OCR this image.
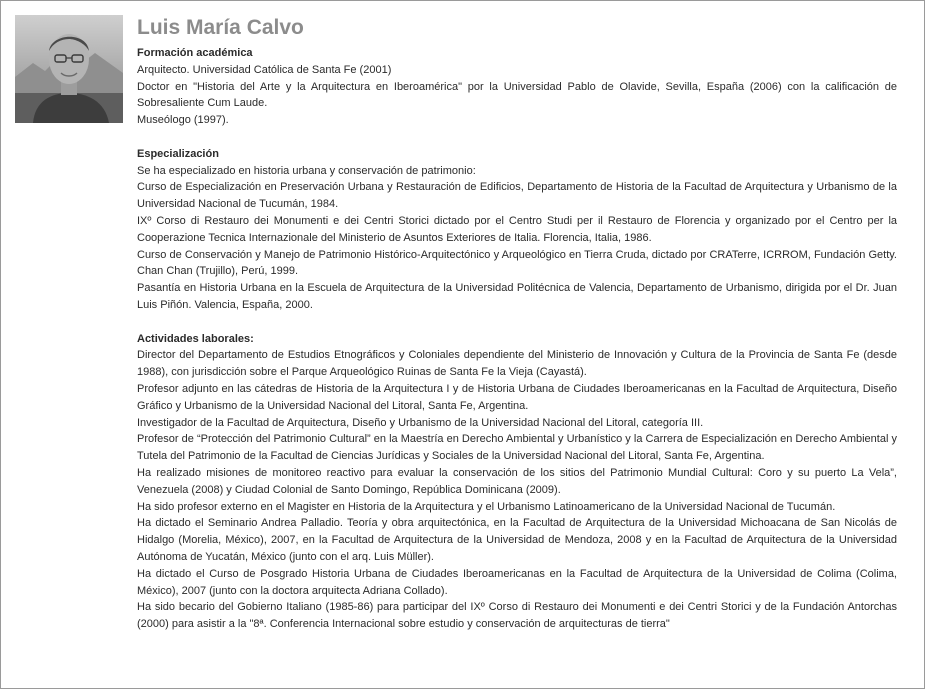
Luis María Calvo
Formación académica

Arquitecto. Universidad Católica de Santa Fe (2001)

Doctor en "Historia del Arte y la Arquitectura en Iberoamérica" por la Universidad Pablo de Olavide, Sevilla, España (2006) con la calificación de Sobresaliente Cum Laude.

Museólogo (1997).

Especialización

Se ha especializado en historia urbana y conservación de patrimonio:

Curso de Especialización en Preservación Urbana y Restauración de Edificios, Departamento de Historia de la Facultad de Arquitectura y Urbanismo de la Universidad Nacional de Tucumán, 1984.

IXº Corso di Restauro dei Monumenti e dei Centri Storici dictado por el Centro Studi per il Restauro de Florencia y organizado por el Centro per la Cooperazione Tecnica Internazionale del Ministerio de Asuntos Exteriores de Italia. Florencia, Italia, 1986.

Curso de Conservación y Manejo de Patrimonio Histórico-Arquitectónico y Arqueológico en Tierra Cruda, dictado por CRATerre, ICRROM, Fundación Getty. Chan Chan (Trujillo), Perú, 1999.

Pasantía en Historia Urbana en la Escuela de Arquitectura de la Universidad Politécnica de Valencia, Departamento de Urbanismo, dirigida por el Dr. Juan Luis Piñón. Valencia, España, 2000.

Actividades laborales:

Director del Departamento de Estudios Etnográficos y Coloniales dependiente del Ministerio de Innovación y Cultura de la Provincia de Santa Fe (desde 1988), con jurisdicción sobre el Parque Arqueológico Ruinas de Santa Fe la Vieja (Cayastá).

Profesor adjunto en las cátedras de Historia de la Arquitectura I y de Historia Urbana de Ciudades Iberoamericanas en la Facultad de Arquitectura, Diseño Gráfico y Urbanismo de la Universidad Nacional del Litoral, Santa Fe, Argentina.

Investigador de la Facultad de Arquitectura, Diseño y Urbanismo de la Universidad Nacional del Litoral, categoría III.

Profesor de “Protección del Patrimonio Cultural” en la Maestría en Derecho Ambiental y Urbanístico y la Carrera de Especialización en Derecho Ambiental y Tutela del Patrimonio de la Facultad de Ciencias Jurídicas y Sociales de la Universidad Nacional del Litoral, Santa Fe, Argentina.

Ha realizado misiones de monitoreo reactivo para evaluar la conservación de los sitios del Patrimonio Mundial Cultural: Coro y su puerto La Vela”, Venezuela (2008) y Ciudad Colonial de Santo Domingo, República Dominicana (2009).

Ha sido profesor externo en el Magister en Historia de la Arquitectura y el Urbanismo Latinoamericano de la Universidad Nacional de Tucumán.

Ha dictado el Seminario Andrea Palladio. Teoría y obra arquitectónica, en la Facultad de Arquitectura de la Universidad Michoacana de San Nicolás de Hidalgo (Morelia, México), 2007, en la Facultad de Arquitectura de la Universidad de Mendoza, 2008 y en la Facultad de Arquitectura de la Universidad Autónoma de Yucatán, México (junto con el arq. Luis Müller).

Ha dictado el Curso de Posgrado Historia Urbana de Ciudades Iberoamericanas en la Facultad de Arquitectura de la Universidad de Colima (Colima, México), 2007 (junto con la doctora arquitecta Adriana Collado).

Ha sido becario del Gobierno Italiano (1985-86) para participar del IXº Corso di Restauro dei Monumenti e dei Centri Storici y de la Fundación Antorchas (2000) para asistir a la "8ª. Conferencia Internacional sobre estudio y conservación de arquitecturas de tierra"
